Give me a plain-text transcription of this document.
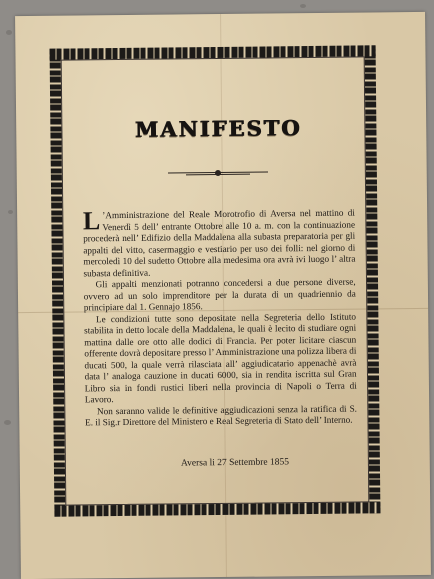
MANIFESTO

L ’Amministrazione del Reale Morotrofio di Aversa nel mattino di Venerdì 5 dell’ entrante Ottobre alle 10 a. m. con la continuazione procederà nell’ Edifizio della Maddalena alla subasta preparatoria per gli appalti del vitto, casermaggio e vestiario per uso dei folli: nel giorno di mercoledì 10 del sudetto Ottobre alla medesima ora avrà ivi luogo l’ altra subasta definitiva.

Gli appalti menzionati potranno concedersi a due persone diverse, ovvero ad un solo imprenditore per la durata di un quadriennio da principiare dal 1. Gennajo 1856.

Le condizioni tutte sono depositate nella Segreteria dello Istituto stabilita in detto locale della Maddalena, le quali è lecito di studiare ogni mattina dalle ore otto alle dodici di Francia. Per poter licitare ciascun offerente dovrà depositare presso l’ Amministrazione una polizza libera di ducati 500, la quale verrà rilasciata all’ aggiudicatario appenachè avrà data l’ analoga cauzione in ducati 6000, sia in rendita iscritta sul Gran Libro sia in fondi rustici liberi nella provincia di Napoli o Terra di Lavoro.

Non saranno valide le definitive aggiudicazioni senza la ratifica di S. E. il Sig.r Direttore del Ministero e Real Segreteria di Stato dell’ Interno.

Aversa li 27 Settembre 1855
